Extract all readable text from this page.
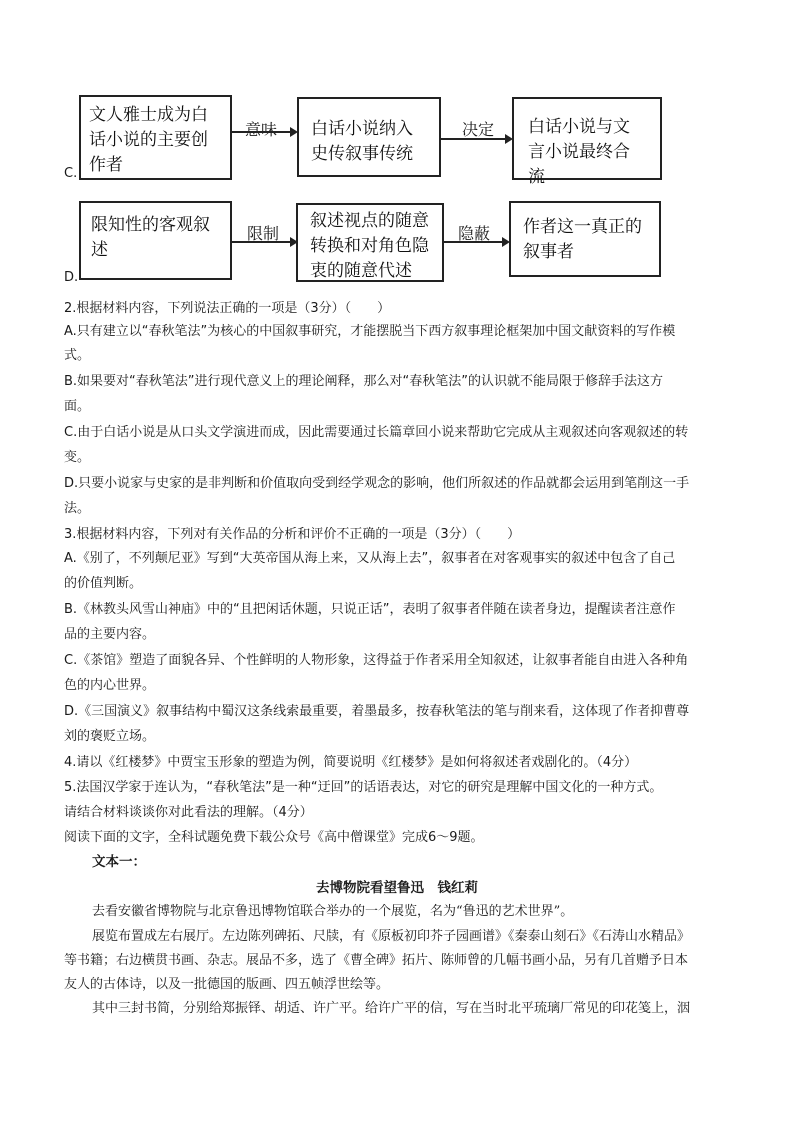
文人雅士成为白话小说的主要创作者
意味	白话小说纳入史传叙事传统
决定	白话小说与文言小说最终合流
C.
限知性的客观叙述
限制
叙述视点的随意转换和对角色隐衷的随意代述
隐蔽	作者这一真正的叙事者
D.
2.根据材料内容，下列说法正确的一项是（3分）（　　）
A.只有建立以“春秋笔法”为核心的中国叙事研究，才能摆脱当下西方叙事理论框架加中国文献资料的写作模
式。
B.如果要对“春秋笔法”进行现代意义上的理论阐释，那么对“春秋笔法”的认识就不能局限于修辞手法这方
面。
C.由于白话小说是从口头文学演进而成，因此需要通过长篇章回小说来帮助它完成从主观叙述向客观叙述的转
变。
D.只要小说家与史家的是非判断和价值取向受到经学观念的影响，他们所叙述的作品就都会运用到笔削这一手
法。
3.根据材料内容，下列对有关作品的分析和评价不正确的一项是（3分）（　　）
A.《别了，不列颠尼亚》写到“大英帝国从海上来，又从海上去”，叙事者在对客观事实的叙述中包含了自己
的价值判断。
B.《林教头风雪山神庙》中的“且把闲话休题，只说正话”，表明了叙事者伴随在读者身边，提醒读者注意作
品的主要内容。
C.《茶馆》塑造了面貌各异、个性鲜明的人物形象，这得益于作者采用全知叙述，让叙事者能自由进入各种角
色的内心世界。
D.《三国演义》叙事结构中蜀汉这条线索最重要，着墨最多，按春秋笔法的笔与削来看，这体现了作者抑曹尊
刘的褒贬立场。
4.请以《红楼梦》中贾宝玉形象的塑造为例，简要说明《红楼梦》是如何将叙述者戏剧化的。（4分）
5.法国汉学家于连认为，“春秋笔法”是一种“迂回”的话语表达，对它的研究是理解中国文化的一种方式。
请结合材料谈谈你对此看法的理解。（4分）
阅读下面的文字，全科试题免费下载公众号《高中僧课堂》完成6～9题。
文本一：
去博物院看望鲁迅　钱红莉
去看安徽省博物院与北京鲁迅博物馆联合举办的一个展览，名为“鲁迅的艺术世界”。
展览布置成左右展厅。左边陈列碑拓、尺牍，有《原板初印芥子园画谱》《秦泰山刻石》《石涛山水精品》
等书籍；右边横贯书画、杂志。展品不多，选了《曹全碑》拓片、陈师曾的几幅书画小品，另有几首赠予日本
友人的古体诗，以及一批德国的版画、四五帧浮世绘等。
其中三封书简，分别给郑振铎、胡适、许广平。给许广平的信，写在当时北平琉璃厂常见的印花笺上，洇
